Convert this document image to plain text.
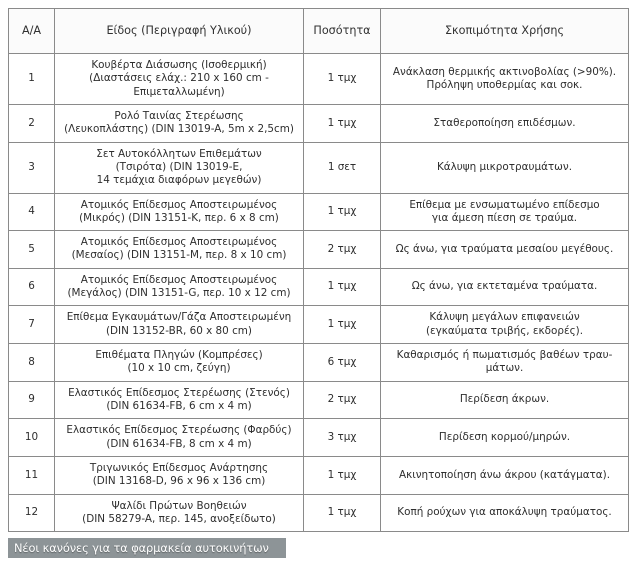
A/A	Είδος (Περιγραφή Υλικού)	Ποσότητα	Σκοπιμότητα Χρήσης
1	Κουβέρτα Διάσωσης (Ισοθερμική)
(Διαστάσεις ελάχ.: 210 x 160 cm -
Επιμεταλλωμένη)	1 τμχ	Ανάκλαση θερμικής ακτινοβολίας (>90%).
Πρόληψη υποθερμίας και σοκ.

2	Ρολό Ταινίας Στερέωσης
(Λευκοπλάστης) (DIN 13019-A, 5m x 2,5cm)	1 τμχ	Σταθεροποίηση επιδέσμων.

3	Σετ Αυτοκόλλητων Επιθεμάτων
(Τσιρότα) (DIN 13019-E,
14 τεμάχια διαφόρων μεγεθών)	1 σετ	Κάλυψη μικροτραυμάτων.

4	Ατομικός Επίδεσμος Αποστειρωμένος
(Μικρός) (DIN 13151-K, περ. 6 x 8 cm)	1 τμχ	Επίθεμα με ενσωματωμένο επίδεσμο
για άμεση πίεση σε τραύμα.

5	Ατομικός Επίδεσμος Αποστειρωμένος
(Μεσαίος) (DIN 13151-M, περ. 8 x 10 cm)	2 τμχ	Ως άνω, για τραύματα μεσαίου μεγέθους.

6	Ατομικός Επίδεσμος Αποστειρωμένος
(Μεγάλος) (DIN 13151-G, περ. 10 x 12 cm)	1 τμχ	Ως άνω, για εκτεταμένα τραύματα.

7	Επίθεμα Εγκαυμάτων/Γάζα Αποστειρωμένη
(DIN 13152-BR, 60 x 80 cm)	1 τμχ	Κάλυψη μεγάλων επιφανειών
(εγκαύματα τριβής, εκδορές).

8	Επιθέματα Πληγών (Κομπρέσες)
(10 x 10 cm, ζεύγη)	6 τμχ	Καθαρισμός ή πωματισμός βαθέων τραυ-
μάτων.

9	Ελαστικός Επίδεσμος Στερέωσης (Στενός)
(DIN 61634-FB, 6 cm x 4 m)	2 τμχ	Περίδεση άκρων.

10	Ελαστικός Επίδεσμος Στερέωσης (Φαρδύς)
(DIN 61634-FB, 8 cm x 4 m)	3 τμχ	Περίδεση κορμού/μηρών.

11	Τριγωνικός Επίδεσμος Ανάρτησης
(DIN 13168-D, 96 x 96 x 136 cm)	1 τμχ	Ακινητοποίηση άνω άκρου (κατάγματα).

12	Ψαλίδι Πρώτων Βοηθειών
(DIN 58279-A, περ. 145, ανοξείδωτο)	1 τμχ	Κοπή ρούχων για αποκάλυψη τραύματος.
Νέοι κανόνες για τα φαρμακεία αυτοκινήτων
